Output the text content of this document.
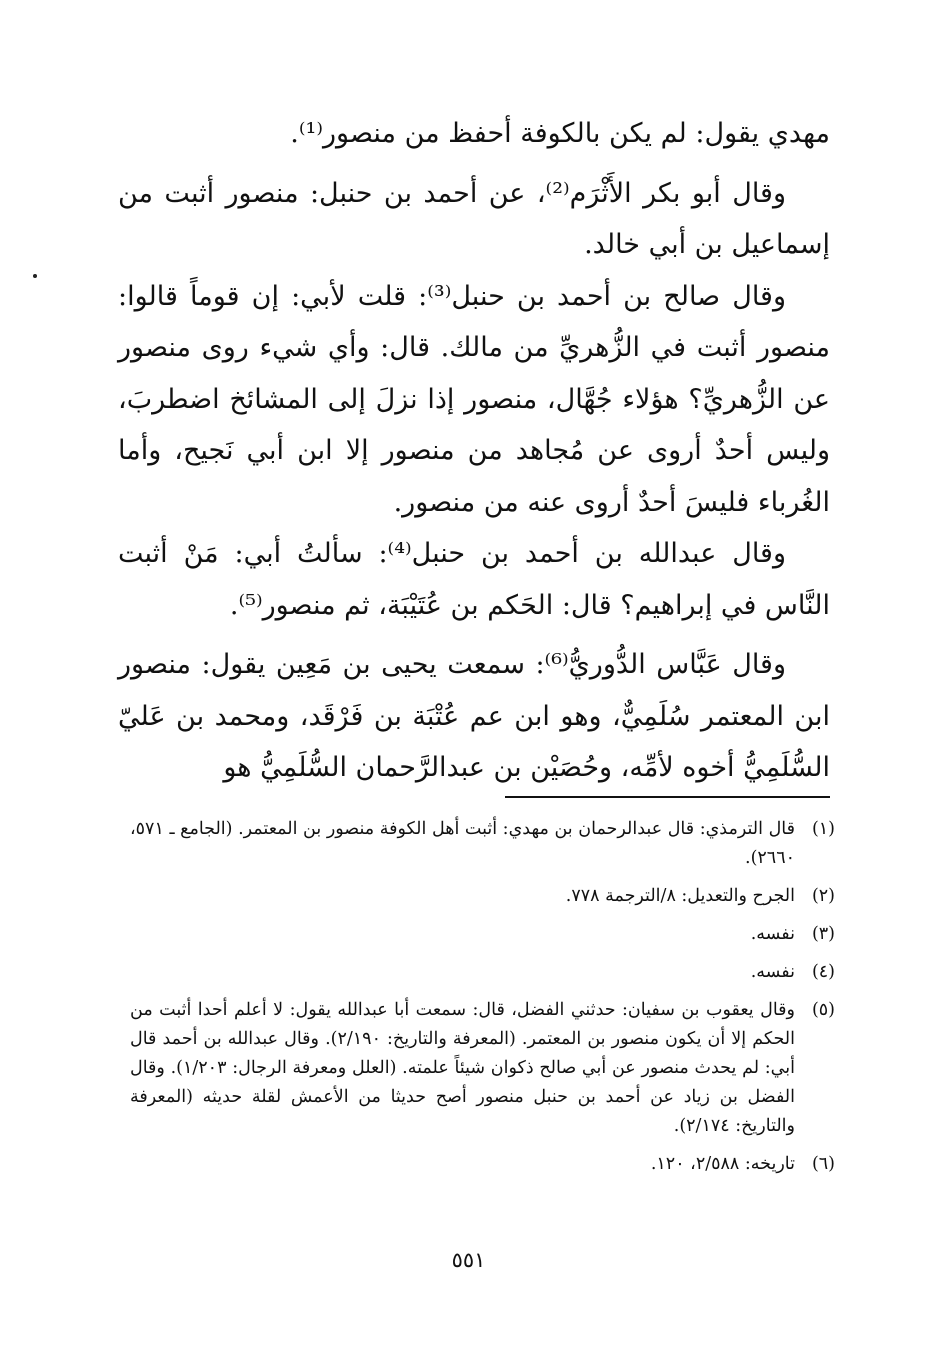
مهدي يقول: لم يكن بالكوفة أحفظ من منصور⁽¹⁾.

وقال أبو بكر الأَثْرَم⁽²⁾، عن أحمد بن حنبل: منصور أثبت من إسماعيل بن أبي خالد.

وقال صالح بن أحمد بن حنبل⁽³⁾: قلت لأبي: إن قوماً قالوا: منصور أثبت في الزُّهريِّ من مالك. قال: وأي شيء روى منصور عن الزُّهريِّ؟ هؤلاء جُهَّال، منصور إذا نزلَ إلى المشائخ اضطربَ، وليس أحدٌ أروى عن مُجاهد من منصور إلا ابن أبي نَجيح، وأما الغُرباء فليسَ أحدٌ أروى عنه من منصور.

وقال عبدالله بن أحمد بن حنبل⁽⁴⁾: سألتُ أبي: مَنْ أثبت النَّاس في إبراهيم؟ قال: الحَكم بن عُتَيْبَة، ثم منصور⁽⁵⁾.

وقال عَبَّاس الدُّوريُّ⁽⁶⁾: سمعت يحيى بن مَعِين يقول: منصور ابن المعتمر سُلَمِيٌّ، وهو ابن عم عُتْبَة بن فَرْقَد، ومحمد بن عَليّ السُّلَمِيُّ أخوه لأمِّه، وحُصَيْن بن عبدالرَّحمان السُّلَمِيُّ هو

(١)
قال الترمذي: قال عبدالرحمان بن مهدي: أثبت أهل الكوفة منصور بن المعتمر. (الجامع ـ ٥٧١، ٢٦٦٠).
(٢)
الجرح والتعديل: ٨/الترجمة ٧٧٨.
(٣)
نفسه.
(٤)
نفسه.
(٥)
وقال يعقوب بن سفيان: حدثني الفضل، قال: سمعت أبا عبدالله يقول: لا أعلم أحدا أثبت من الحكم إلا أن يكون منصور بن المعتمر. (المعرفة والتاريخ: ٢/١٩٠). وقال عبدالله بن أحمد قال أبي: لم يحدث منصور عن أبي صالح ذكوان شيئاً علمته. (العلل ومعرفة الرجال: ١/٢٠٣). وقال الفضل بن زياد عن أحمد بن حنبل منصور أصح حديثا من الأعمش لقلة حديثه (المعرفة والتاريخ: ٢/١٧٤).
(٦)
تاريخه: ٢/٥٨٨، ١٢٠.
٥٥١
